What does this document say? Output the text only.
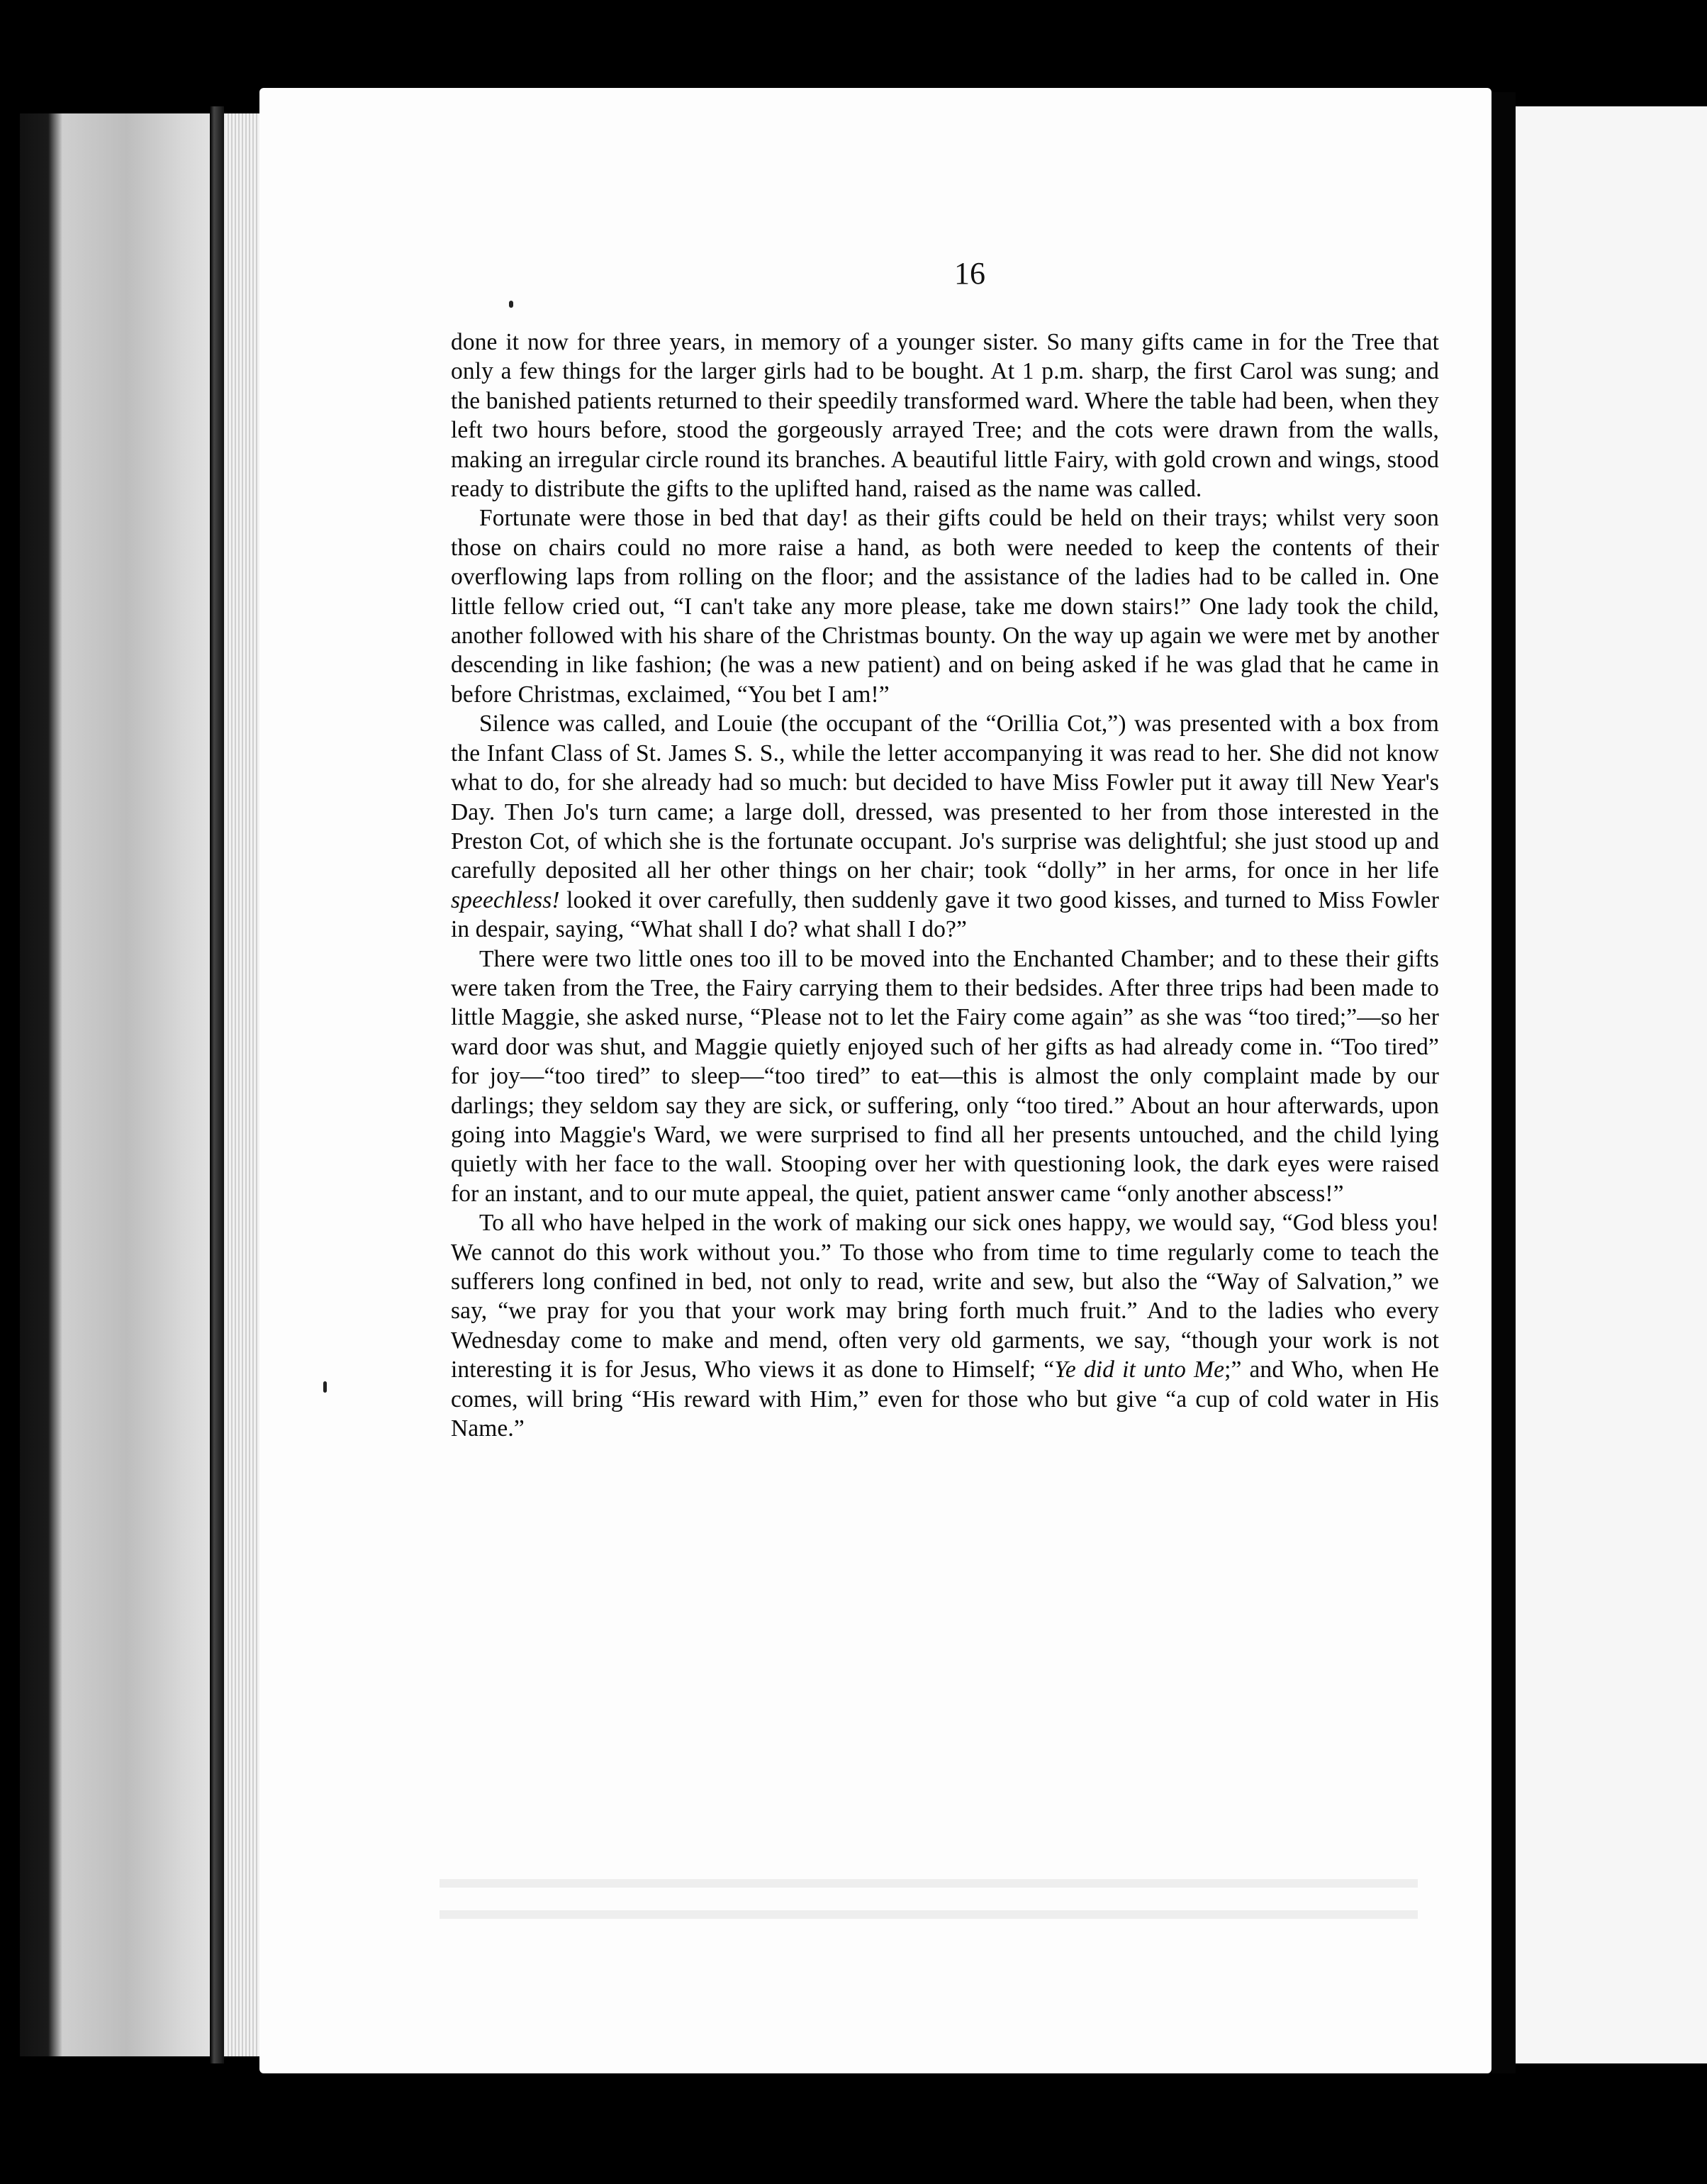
16

done it now for three years, in memory of a younger sister. So many gifts came in for the Tree that only a few things for the larger girls had to be bought. At 1 p.m. sharp, the first Carol was sung; and the banished patients returned to their speedily transformed ward. Where the table had been, when they left two hours before, stood the gorgeously arrayed Tree; and the cots were drawn from the walls, making an irregular circle round its branches. A beautiful little Fairy, with gold crown and wings, stood ready to distribute the gifts to the uplifted hand, raised as the name was called.

Fortunate were those in bed that day! as their gifts could be held on their trays; whilst very soon those on chairs could no more raise a hand, as both were needed to keep the contents of their overflowing laps from rolling on the floor; and the assistance of the ladies had to be called in. One little fellow cried out, “I can't take any more please, take me down stairs!” One lady took the child, another followed with his share of the Christmas bounty. On the way up again we were met by another descending in like fashion; (he was a new patient) and on being asked if he was glad that he came in before Christmas, exclaimed, “You bet I am!”

Silence was called, and Louie (the occupant of the “Orillia Cot,”) was presented with a box from the Infant Class of St. James S. S., while the letter accompanying it was read to her. She did not know what to do, for she already had so much: but decided to have Miss Fowler put it away till New Year's Day. Then Jo's turn came; a large doll, dressed, was presented to her from those interested in the Preston Cot, of which she is the fortunate occupant. Jo's surprise was delightful; she just stood up and carefully deposited all her other things on her chair; took “dolly” in her arms, for once in her life speechless! looked it over carefully, then suddenly gave it two good kisses, and turned to Miss Fowler in despair, saying, “What shall I do? what shall I do?”

There were two little ones too ill to be moved into the Enchanted Chamber; and to these their gifts were taken from the Tree, the Fairy carrying them to their bedsides. After three trips had been made to little Maggie, she asked nurse, “Please not to let the Fairy come again” as she was “too tired;”—so her ward door was shut, and Maggie quietly enjoyed such of her gifts as had already come in. “Too tired” for joy—“too tired” to sleep—“too tired” to eat—this is almost the only complaint made by our darlings; they seldom say they are sick, or suffering, only “too tired.” About an hour afterwards, upon going into Maggie's Ward, we were surprised to find all her presents untouched, and the child lying quietly with her face to the wall. Stooping over her with questioning look, the dark eyes were raised for an instant, and to our mute appeal, the quiet, patient answer came “only another abscess!”

To all who have helped in the work of making our sick ones happy, we would say, “God bless you! We cannot do this work without you.” To those who from time to time regularly come to teach the sufferers long confined in bed, not only to read, write and sew, but also the “Way of Salvation,” we say, “we pray for you that your work may bring forth much fruit.” And to the ladies who every Wednesday come to make and mend, often very old garments, we say, “though your work is not interesting it is for Jesus, Who views it as done to Himself; “Ye did it unto Me;” and Who, when He comes, will bring “His reward with Him,” even for those who but give “a cup of cold water in His Name.”
